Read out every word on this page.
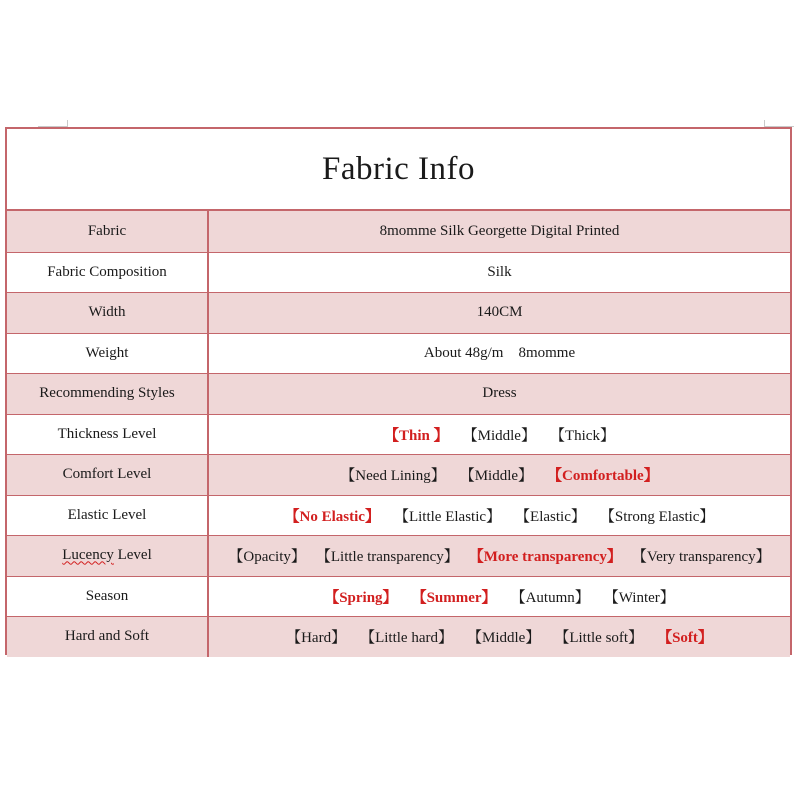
Fabric Info
Fabric	8momme Silk Georgette Digital Printed
Fabric Composition	Silk
Width	140CM
Weight	About 48g/m    8momme
Recommending Styles	Dress
Thickness Level	【Thin 】 【Middle】 【Thick】
Comfort Level	【Need Lining】 【Middle】 【Comfortable】
Elastic Level	【No Elastic】 【Little Elastic】 【Elastic】 【Strong Elastic】
Lucency Level	【Opacity】 【Little transparency】 【More transparency】 【Very transparency】
Season	【Spring】 【Summer】 【Autumn】 【Winter】
Hard and Soft	【Hard】 【Little hard】 【Middle】 【Little soft】 【Soft】
